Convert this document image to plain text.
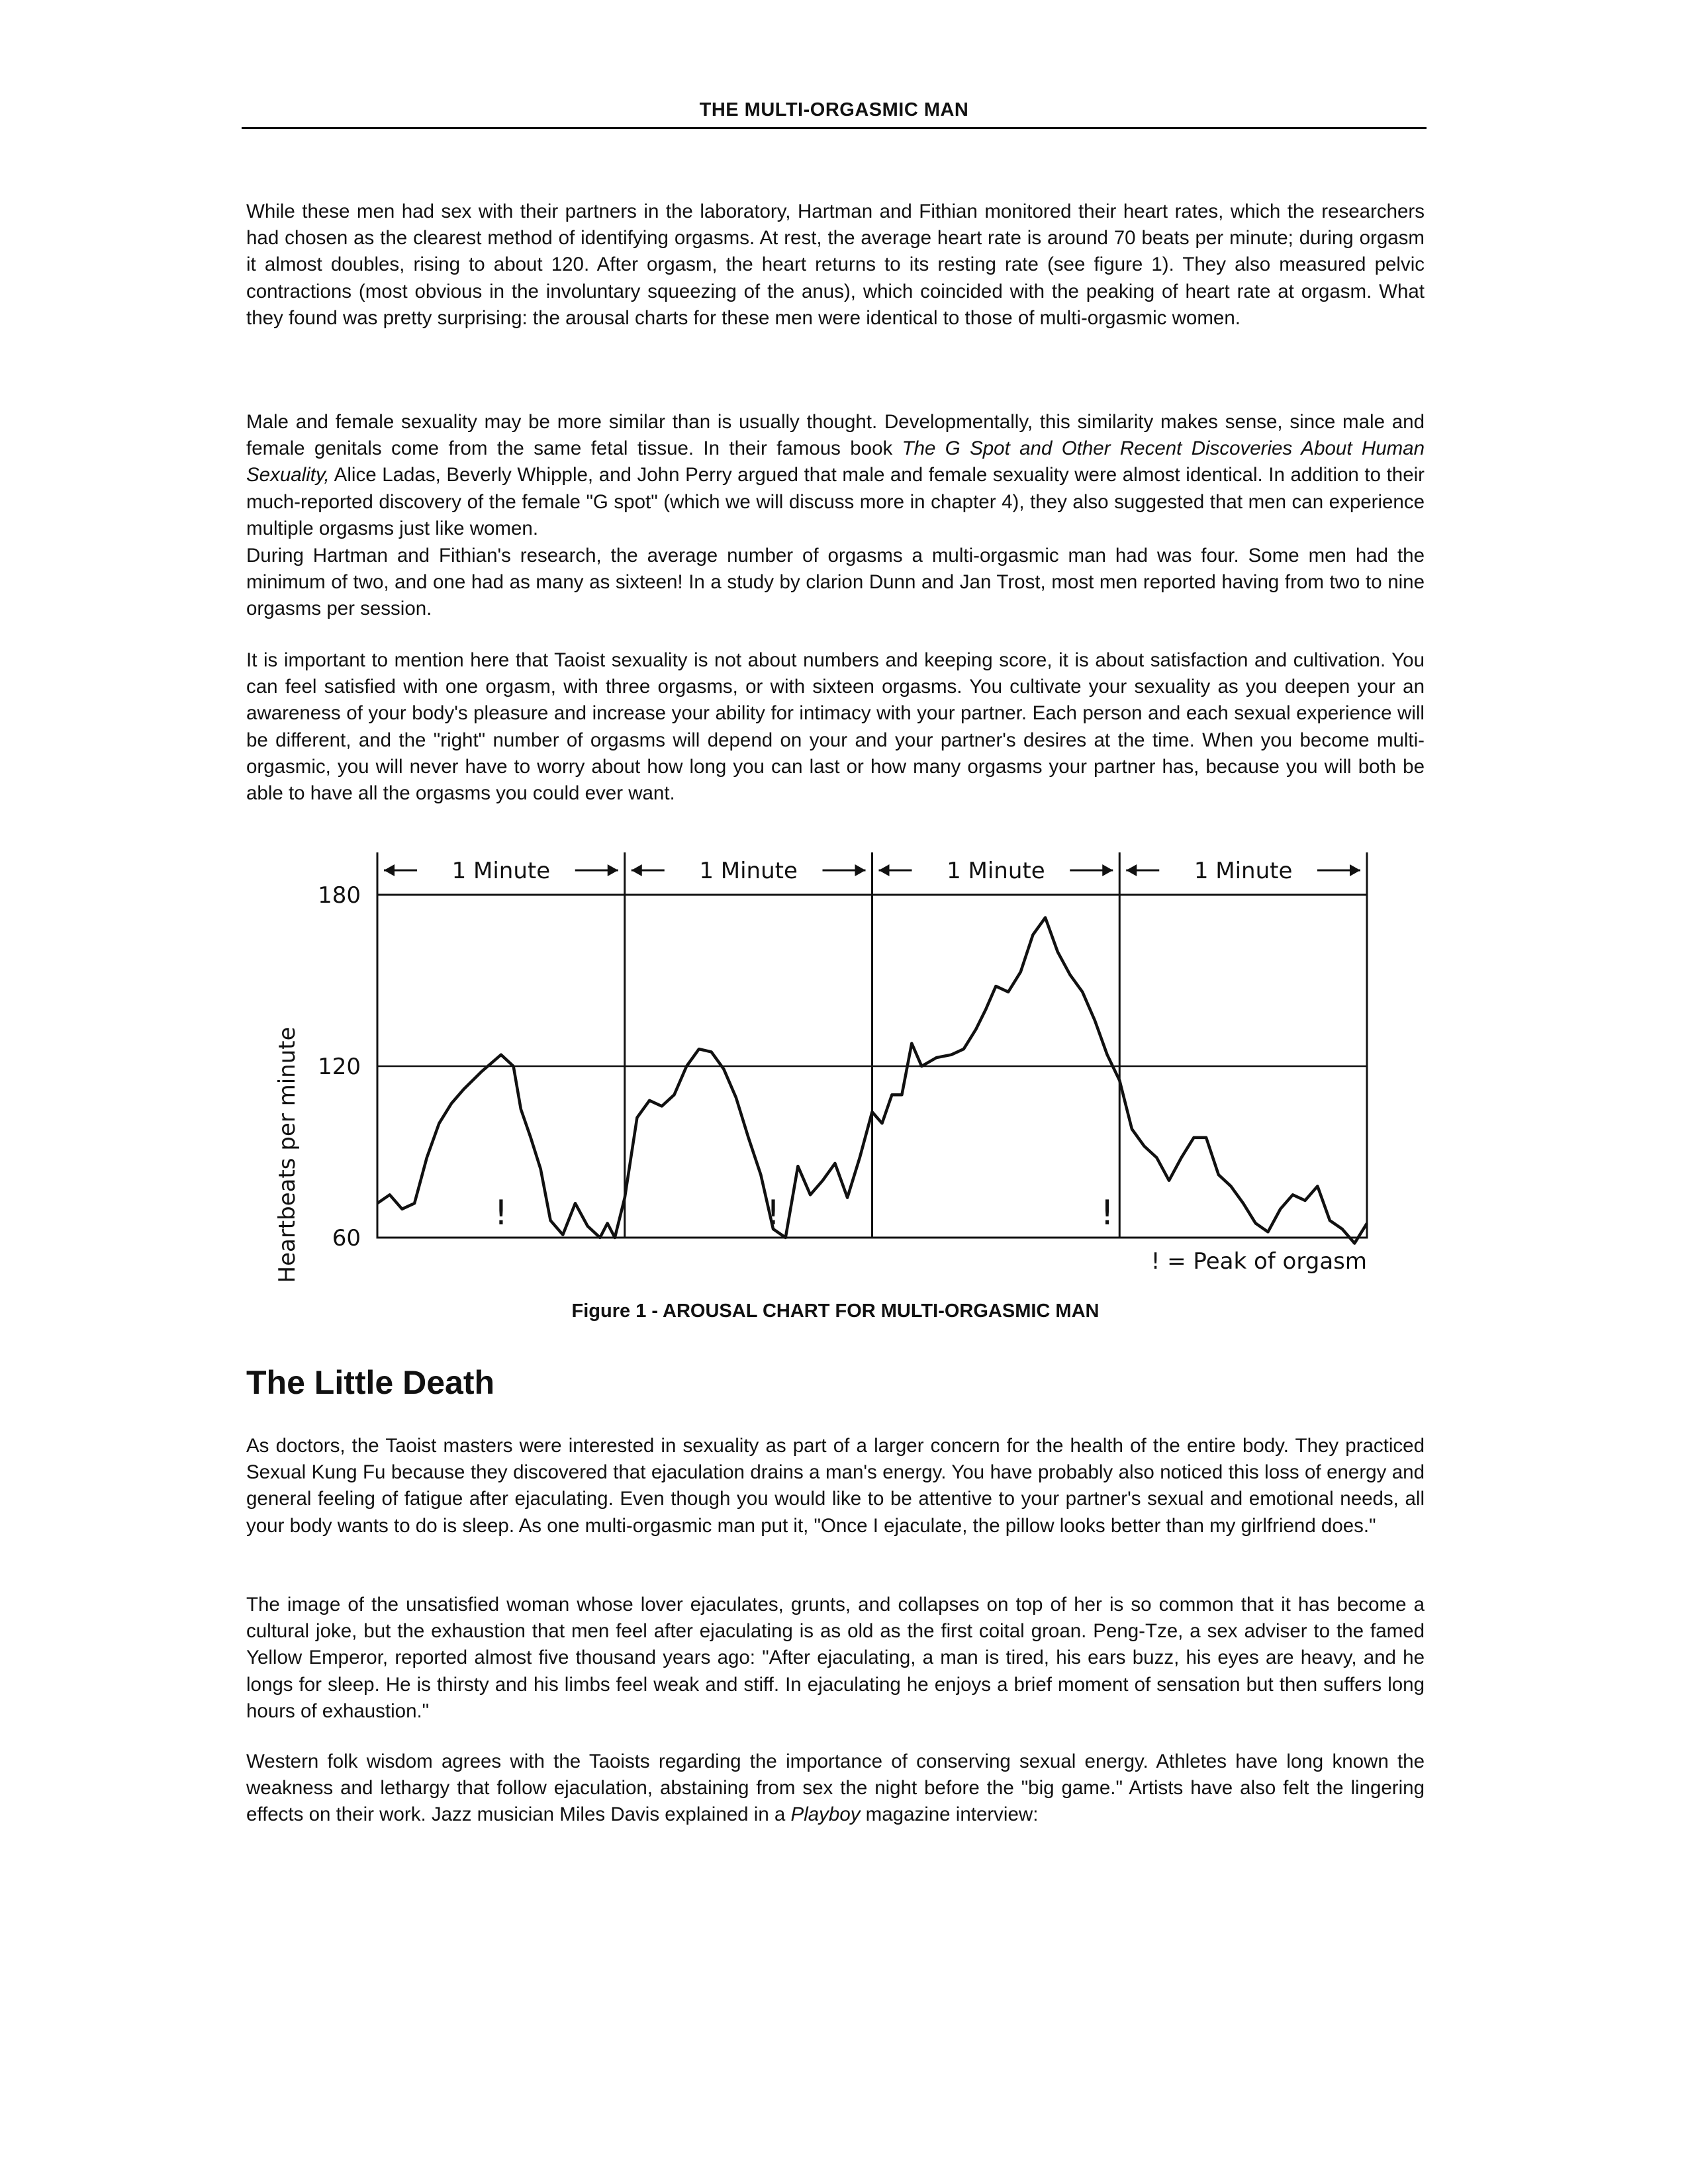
THE MULTI-ORGASMIC MAN

While these men had sex with their partners in the laboratory, Hartman and Fithian monitored their heart rates, which the researchers had chosen as the clearest method of identifying orgasms. At rest, the average heart rate is around 70 beats per minute; during orgasm it almost doubles, rising to about 120. After orgasm, the heart returns to its resting rate (see figure 1). They also measured pelvic contractions (most obvious in the involuntary squeezing of the anus), which coincided with the peaking of heart rate at orgasm. What they found was pretty surprising: the arousal charts for these men were identical to those of multi-orgasmic women.

Male and female sexuality may be more similar than is usually thought. Developmentally, this similarity makes sense, since male and female genitals come from the same fetal tissue. In their famous book The G Spot and Other Recent Discoveries About Human Sexuality, Alice Ladas, Beverly Whipple, and John Perry argued that male and female sexuality were almost identical. In addition to their much-reported discovery of the female "G spot" (which we will discuss more in chapter 4), they also suggested that men can experience multiple orgasms just like women.

During Hartman and Fithian's research, the average number of orgasms a multi-orgasmic man had was four. Some men had the minimum of two, and one had as many as sixteen! In a study by clarion Dunn and Jan Trost, most men reported having from two to nine orgasms per session.

It is important to mention here that Taoist sexuality is not about numbers and keeping score, it is about satisfaction and cultivation. You can feel satisfied with one orgasm, with three orgasms, or with sixteen orgasms. You cultivate your sexuality as you deepen your an awareness of your body's pleasure and increase your ability for intimacy with your partner. Each person and each sexual experience will be different, and the "right" number of orgasms will depend on your and your partner's desires at the time. When you become multi-orgasmic, you will never have to worry about how long you can last or how many orgasms your partner has, because you will both be able to have all the orgasms you could ever want.

Heartbeats per minute	! = Peak of orgasm
60
120
180
1 Minute	1 Minute	1 Minute	1 Minute
!	!	!
Figure 1 - AROUSAL CHART FOR MULTI-ORGASMIC MAN
The Little Death

As doctors, the Taoist masters were interested in sexuality as part of a larger concern for the health of the entire body. They practiced Sexual Kung Fu because they discovered that ejaculation drains a man's energy. You have probably also noticed this loss of energy and general feeling of fatigue after ejaculating. Even though you would like to be attentive to your partner's sexual and emotional needs, all your body wants to do is sleep. As one multi-orgasmic man put it, "Once I ejaculate, the pillow looks better than my girlfriend does."

The image of the unsatisfied woman whose lover ejaculates, grunts, and collapses on top of her is so common that it has become a cultural joke, but the exhaustion that men feel after ejaculating is as old as the first coital groan. Peng-Tze, a sex adviser to the famed Yellow Emperor, reported almost five thousand years ago: "After ejaculating, a man is tired, his ears buzz, his eyes are heavy, and he longs for sleep. He is thirsty and his limbs feel weak and stiff. In ejaculating he enjoys a brief moment of sensation but then suffers long hours of exhaustion."

Western folk wisdom agrees with the Taoists regarding the importance of conserving sexual energy. Athletes have long known the weakness and lethargy that follow ejaculation, abstaining from sex the night before the "big game." Artists have also felt the lingering effects on their work. Jazz musician Miles Davis explained in a Playboy magazine interview:
